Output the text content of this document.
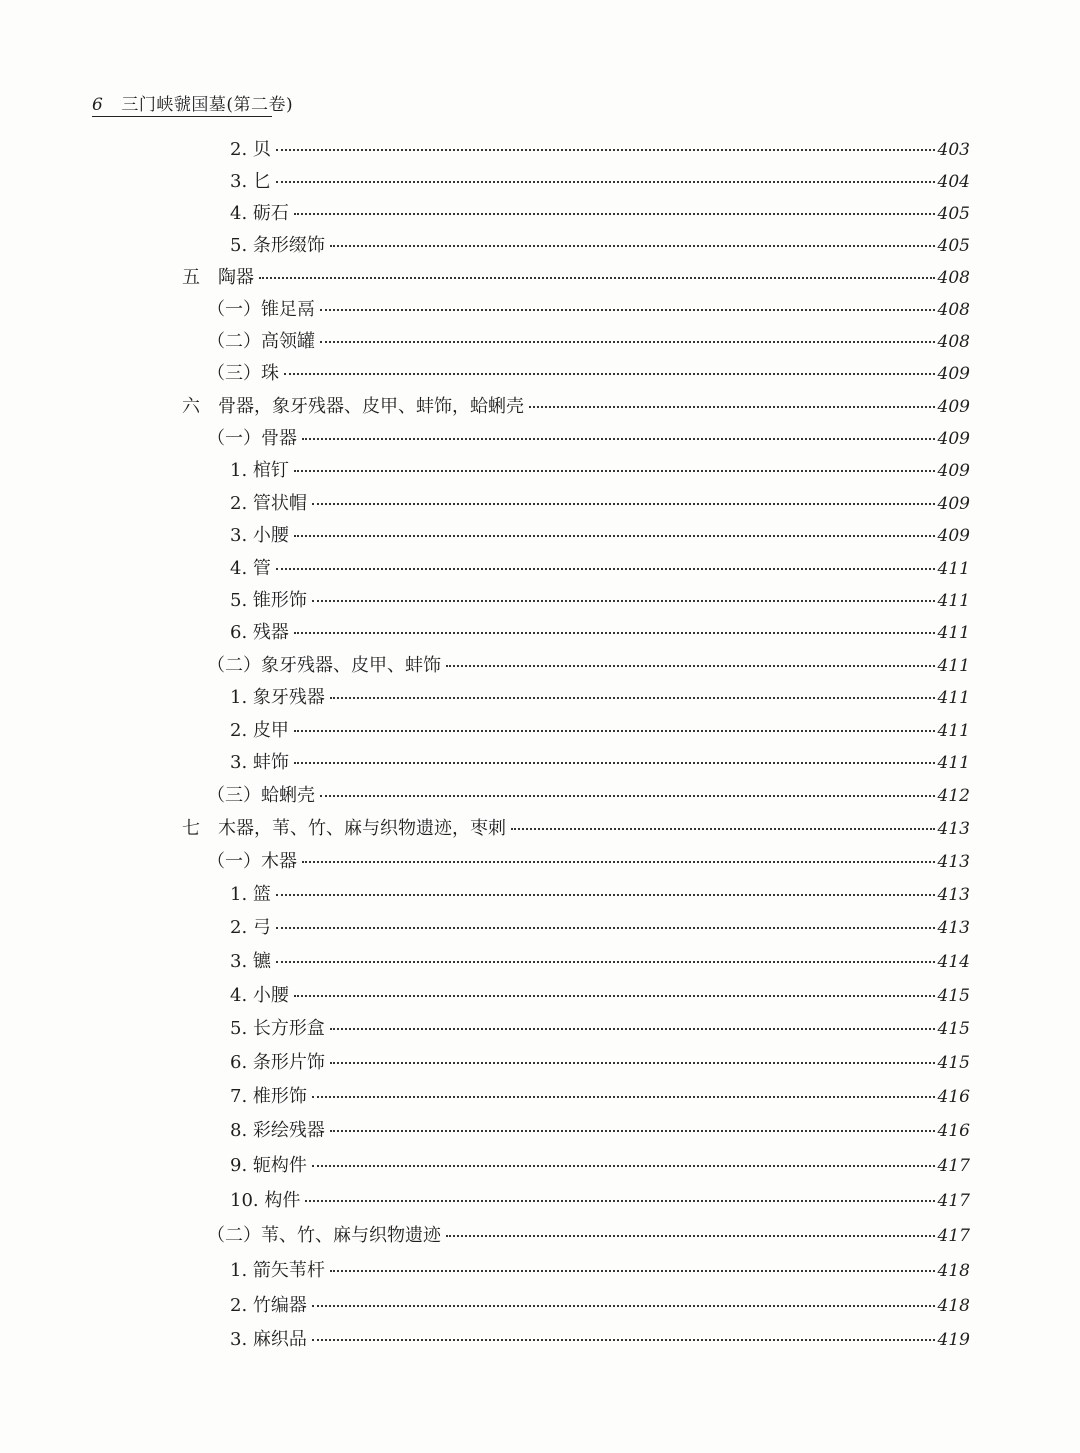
6 三门峡虢国墓(第二卷)
2. 贝	403
3. 匕	404
4. 砺石	405
5. 条形缀饰	405
五　陶器	408
（一）锥足鬲	408
（二）高领罐	408
（三）珠	409
六　骨器，象牙残器、皮甲、蚌饰，蛤蜊壳	409
（一）骨器	409
1. 棺钉	409
2. 管状帽	409
3. 小腰	409
4. 管	411
5. 锥形饰	411
6. 残器	411
（二）象牙残器、皮甲、蚌饰	411
1. 象牙残器	411
2. 皮甲	411
3. 蚌饰	411
（三）蛤蜊壳	412
七　木器，苇、竹、麻与织物遗迹，枣刺	413
（一）木器	413
1. 篮	413
2. 弓	413
3. 镳	414
4. 小腰	415
5. 长方形盒	415
6. 条形片饰	415
7. 椎形饰	416
8. 彩绘残器	416
9. 轭构件	417
10. 构件	417
（二）苇、竹、麻与织物遗迹	417
1. 箭矢苇杆	418
2. 竹编器	418
3. 麻织品	419
